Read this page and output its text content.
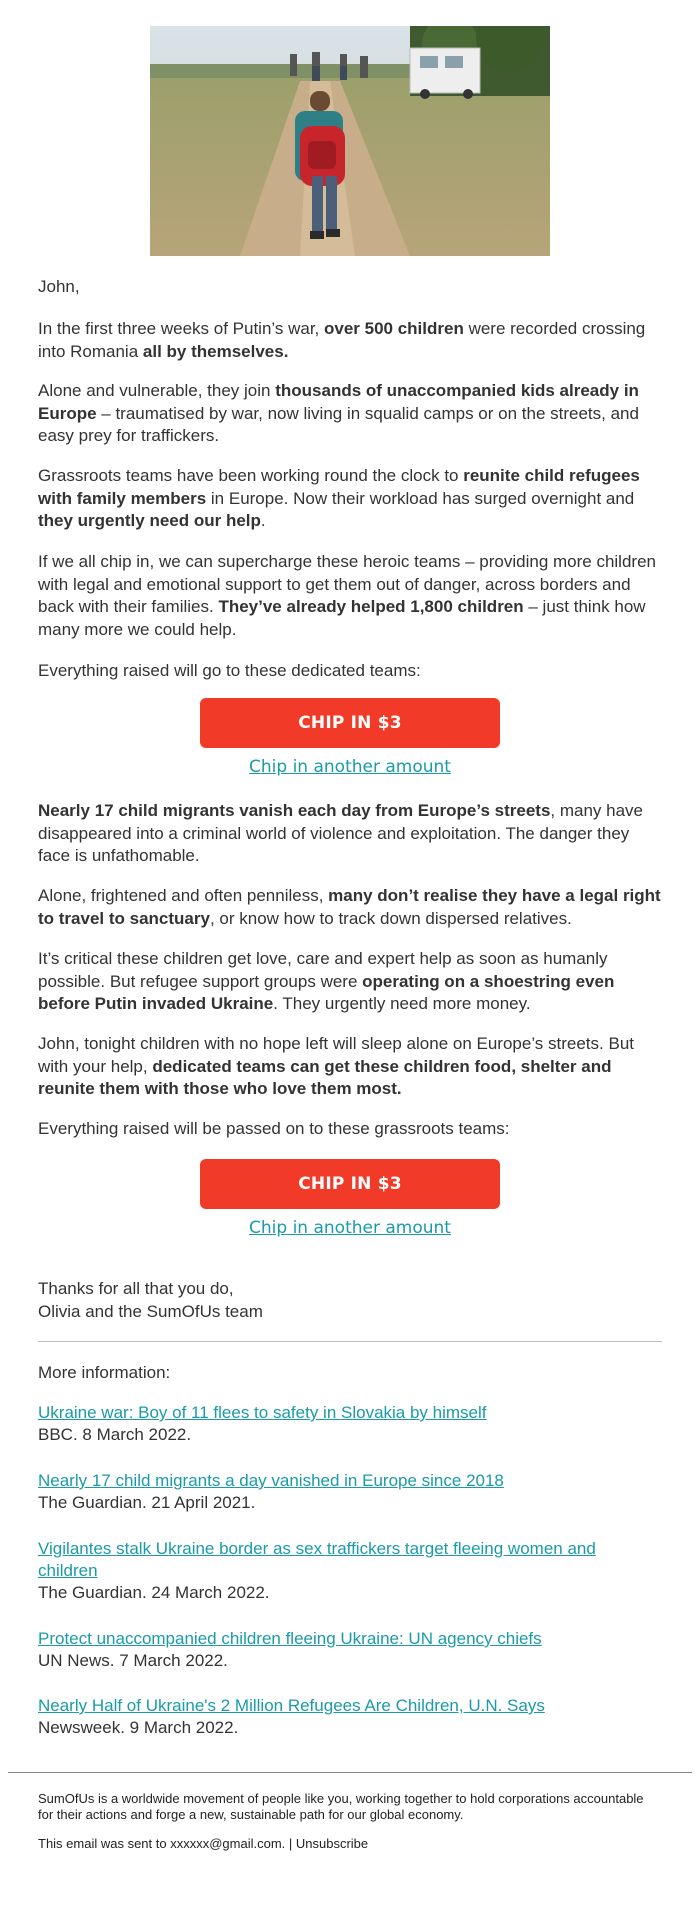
John,

In the first three weeks of Putin’s war, over 500 children were recorded crossing into Romania all by themselves.

Alone and vulnerable, they join thousands of unaccompanied kids already in Europe – traumatised by war, now living in squalid camps or on the streets, and easy prey for traffickers.

Grassroots teams have been working round the clock to reunite child refugees with family members in Europe. Now their workload has surged overnight and they urgently need our help.

If we all chip in, we can supercharge these heroic teams – providing more children with legal and emotional support to get them out of danger, across borders and back with their families. They’ve already helped 1,800 children – just think how many more we could help.

Everything raised will go to these dedicated teams:

CHIP IN $3
Chip in another amount

Nearly 17 child migrants vanish each day from Europe’s streets, many have disappeared into a criminal world of violence and exploitation. The danger they face is unfathomable.

Alone, frightened and often penniless, many don’t realise they have a legal right to travel to sanctuary, or know how to track down dispersed relatives.

It’s critical these children get love, care and expert help as soon as humanly possible. But refugee support groups were operating on a shoestring even before Putin invaded Ukraine. They urgently need more money.

John, tonight children with no hope left will sleep alone on Europe’s streets. But with your help, dedicated teams can get these children food, shelter and reunite them with those who love them most.

Everything raised will be passed on to these grassroots teams:

CHIP IN $3
Chip in another amount

Thanks for all that you do,

Olivia and the SumOfUs team

More information:

Ukraine war: Boy of 11 flees to safety in Slovakia by himself
BBC. 8 March 2022.
Nearly 17 child migrants a day vanished in Europe since 2018
The Guardian. 21 April 2021.
Vigilantes stalk Ukraine border as sex traffickers target fleeing women and children
The Guardian. 24 March 2022.
Protect unaccompanied children fleeing Ukraine: UN agency chiefs
UN News. 7 March 2022.
Nearly Half of Ukraine's 2 Million Refugees Are Children, U.N. Says
Newsweek. 9 March 2022.
SumOfUs is a worldwide movement of people like you, working together to hold corporations accountable for their actions and forge a new, sustainable path for our global economy.
This email was sent to xxxxxx@gmail.com. | Unsubscribe
